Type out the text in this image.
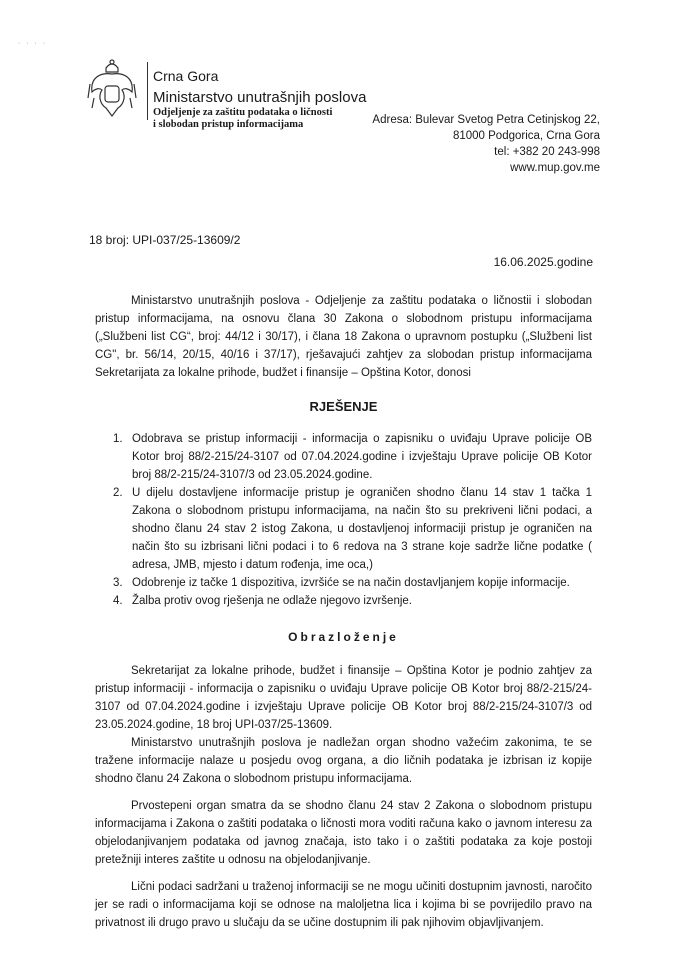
· · · ·
Crna Gora
Ministarstvo unutrašnjih poslova
Odjeljenje za zaštitu podataka o ličnosti
i slobodan pristup informacijama	Adresa: Bulevar Svetog Petra Cetinjskog 22,
81000 Podgorica, Crna Gora
tel: +382 20 243-998
www.mup.gov.me
18 broj: UPI-037/25-13609/2
16.06.2025.godine

Ministarstvo unutrašnjih poslova - Odjeljenje za zaštitu podataka o ličnostii i slobodan pristup informacijama, na osnovu člana 30 Zakona o slobodnom pristupu informacijama („Službeni list CG“, broj: 44/12 i 30/17), i člana 18 Zakona o upravnom postupku („Službeni list CG", br. 56/14, 20/15, 40/16 i 37/17), rješavajući zahtjev za slobodan pristup informacijama Sekretarijata za lokalne prihode, budžet i finansije – Opština Kotor, donosi

RJEŠENJE
1. Odobrava se pristup informaciji - informacija o zapisniku o uviđaju Uprave policije OB Kotor broj 88/2-215/24-3107 od 07.04.2024.godine i izvještaju Uprave policije OB Kotor broj 88/2-215/24-3107/3 od 23.05.2024.godine.
2. U dijelu dostavljene informacije pristup je ograničen shodno članu 14 stav 1 tačka 1 Zakona o slobodnom pristupu informacijama, na način što su prekriveni lični podaci, a shodno članu 24 stav 2 istog Zakona, u dostavljenoj informaciji pristup je ograničen na način što su izbrisani lični podaci i to 6 redova na 3 strane koje sadrže lične podatke ( adresa, JMB, mjesto i datum rođenja, ime oca,)
3. Odobrenje iz tačke 1 dispozitiva, izvršiće se na način dostavljanjem kopije informacije.
4. Žalba protiv ovog rješenja ne odlaže njegovo izvršenje.
Obrazloženje

Sekretarijat za lokalne prihode, budžet i finansije – Opština Kotor je podnio zahtjev za pristup informaciji - informacija o zapisniku o uviđaju Uprave policije OB Kotor broj 88/2-215/24-3107 od 07.04.2024.godine i izvještaju Uprave policije OB Kotor broj 88/2-215/24-3107/3 od 23.05.2024.godine, 18 broj UPI-037/25-13609.

Ministarstvo unutrašnjih poslova je nadležan organ shodno važećim zakonima, te se tražene informacije nalaze u posjedu ovog organa, a dio ličnih podataka je izbrisan iz kopije shodno članu 24 Zakona o slobodnom pristupu informacijama.

Prvostepeni organ smatra da se shodno članu 24 stav 2 Zakona o slobodnom pristupu informacijama i Zakona o zaštiti podataka o ličnosti mora voditi računa kako o javnom interesu za objelodanjivanjem podataka od javnog značaja, isto tako i o zaštiti podataka za koje postoji pretežniji interes zaštite u odnosu na objelodanjivanje.

Lični podaci sadržani u traženoj informaciji se ne mogu učiniti dostupnim javnosti, naročito jer se radi o informacijama koji se odnose na maloljetna lica i kojima bi se povrijedilo pravo na privatnost ili drugo pravo u slučaju da se učine dostupnim ili pak njihovim objavljivanjem.
